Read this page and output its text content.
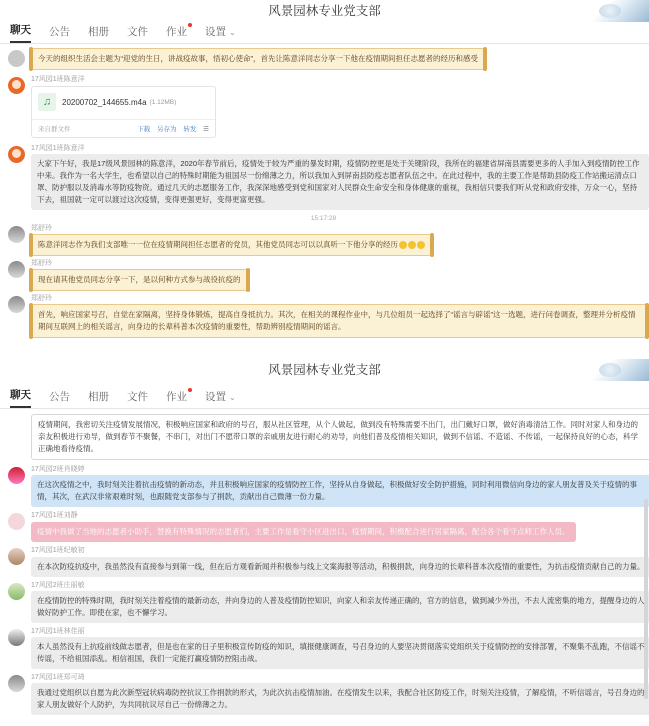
风景园林专业党支部
聊天 公告 相册 文件 作业 设置 ⌄
今天的组织生活会主题为“迎党的生日，讲战疫故事，悟初心使命”，首先让陈意洋同志分享一下他在疫情期间担任志愿者的经历和感受
17风园1班陈意洋
♫	20200702_144655.m4a (1.12MB)
来自群文件	下载 另存为 转发 ☰
17风园1班陈意洋
大家下午好，我是17级风景园林的陈意洋，2020年春节前后，疫情处于较为严重的暴发时期，疫情防控更是处于关键阶段，我所在的福建省屏南县需要更多的人手加入到疫情防控工作中来。我作为一名大学生，也希望以自己的特殊时期能为祖国尽一份绵薄之力，所以我加入到屏南县防疫志愿者队伍之中。在此过程中，我的主要工作是帮助县防疫工作站搬运清点口罩、防护服以及消毒水等防疫物资。通过几天的志愿服务工作，我深深地感受到党和国家对人民群众生命安全和身体健康的重视，我相信只要我们听从党和政府安排，万众一心，坚持下去，祖国就一定可以渡过这次疫情，变得更强更好，变得更富更强。
15:17:28
郑舒玲
陈意洋同志作为我们支部唯一一位在疫情期间担任志愿者的党员，其他党员同志可以以真听一下他分享的经历
郑舒玲
现在请其他党员同志分享一下，是以何种方式参与战役抗疫的
郑舒玲
首先，响应国家号召，自觉在家隔离，坚持身体锻炼，提高自身抵抗力。其次，在相关的课程作业中，与几位组员一起选择了“谣言与辟谣”这一选题，进行问卷调查，整理并分析疫情期间互联网上的相关谣言，向身边的长辈科普本次疫情的重要性，帮助辨别疫情期间的谣言。
风景园林专业党支部
聊天 公告 相册 文件 作业 设置 ⌄
疫情期间，我密切关注疫情发展情况，积极响应国家和政府的号召，服从社区管理，从个人做起，做到没有特殊需要不出门，出门戴好口罩，做好消毒清洁工作。同时对家人和身边的亲友积极进行劝导，做到春节不聚餐，不串门，对出门不愿带口罩的亲戚朋友进行耐心的劝导，向他们普及疫情相关知识，做到不信谣、不造谣、不传谣，一起保持良好的心态，科学正确地看待疫情。
17风园2班肖晓婷
在这次疫情之中，我时刻关注着抗击疫情的新动态，并且积极响应国家的疫情防控工作，坚持从自身做起，积极做好安全防护措施，同时利用微信向身边的家人朋友普及关于疫情的事情，其次，在武汉非常艰难时刻，也跟随党支部参与了捐款，贡献出自己微薄一份力量。
17风园1班刘静
疫情中我做了当地的志愿者小助手，替换有特殊情况的志愿者们，主要工作是看守小区进出口，疫情期间，积极配合进行居家隔离，配合各个看守点师工作人员。
17风园1班纪敏初
在本次防疫抗疫中，我虽然没有直接参与到第一线，但在后方观看新闻并积极参与线上文案海报等活动，积极捐款，向身边的长辈科普本次疫情的重要性，为抗击疫情贡献自己的力量。
17风园2班庄丽敏
在疫情防控的特殊时期，我时刻关注着疫情的最新动态，并向身边的人普及疫情防控知识，向家人和亲友传递正确的，官方的信息，做到减少外出，不去人流密集的地方，提醒身边的人做好防护工作。即使在家，也不懈学习。
17风园1班林佳丽
本人虽然没有上抗疫前线做志愿者，但是也在家的日子里积极宣传防疫的知识，填报健康调查，号召身边的人要坚决贯彻落实党组织关于疫情防控的安排部署，不聚集不乱跑，不信谣不传谣，不给祖国添乱。相信祖国，我们一定能打赢疫情防控阻击战。
17风园1班郑可琦
我通过党组织以自愿为此次新型冠状病毒防控抗议工作捐款的形式，为此次抗击疫情加油。在疫情发生以来，我配合社区防疫工作，时刻关注疫情，了解疫情，不听信谣言，号召身边的家人朋友做好个人防护，为共同抗议尽自己一份绵薄之力。
